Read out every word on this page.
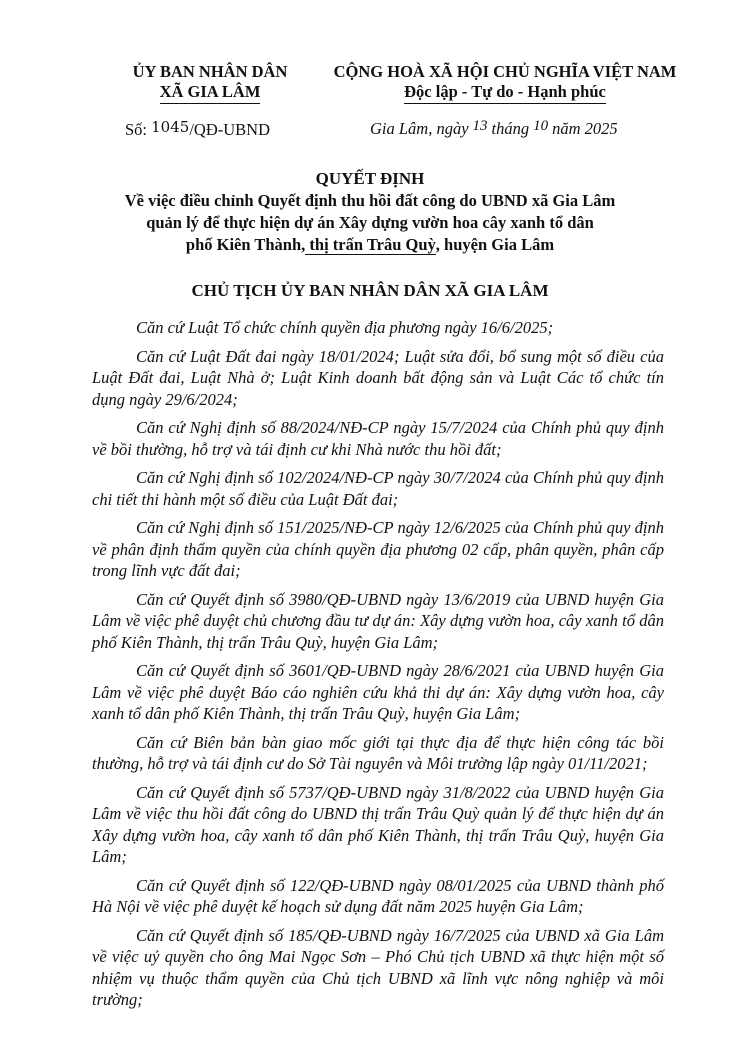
ỦY BAN NHÂN DÂN
XÃ GIA LÂM
CỘNG HOÀ XÃ HỘI CHỦ NGHĨA VIỆT NAM
Độc lập - Tự do - Hạnh phúc
Số: 1045/QĐ-UBND	Gia Lâm, ngày 13 tháng 10 năm 2025
QUYẾT ĐỊNH
Về việc điều chỉnh Quyết định thu hồi đất công do UBND xã Gia Lâm
quản lý để thực hiện dự án Xây dựng vườn hoa cây xanh tổ dân
phố Kiên Thành, thị trấn Trâu Quỳ, huyện Gia Lâm
CHỦ TỊCH ỦY BAN NHÂN DÂN XÃ GIA LÂM

Căn cứ Luật Tổ chức chính quyền địa phương ngày 16/6/2025;

Căn cứ Luật Đất đai ngày 18/01/2024; Luật sửa đổi, bổ sung một số điều của Luật Đất đai, Luật Nhà ở; Luật Kinh doanh bất động sản và Luật Các tổ chức tín dụng ngày 29/6/2024;

Căn cứ Nghị định số 88/2024/NĐ-CP ngày 15/7/2024 của Chính phủ quy định về bồi thường, hỗ trợ và tái định cư khi Nhà nước thu hồi đất;

Căn cứ Nghị định số 102/2024/NĐ-CP ngày 30/7/2024 của Chính phủ quy định chi tiết thi hành một số điều của Luật Đất đai;

Căn cứ Nghị định số 151/2025/NĐ-CP ngày 12/6/2025 của Chính phủ quy định về phân định thẩm quyền của chính quyền địa phương 02 cấp, phân quyền, phân cấp trong lĩnh vực đất đai;

Căn cứ Quyết định số 3980/QĐ-UBND ngày 13/6/2019 của UBND huyện Gia Lâm về việc phê duyệt chủ chương đầu tư dự án: Xây dựng vườn hoa, cây xanh tổ dân phố Kiên Thành, thị trấn Trâu Quỳ, huyện Gia Lâm;

Căn cứ Quyết định số 3601/QĐ-UBND ngày 28/6/2021 của UBND huyện Gia Lâm về việc phê duyệt Báo cáo nghiên cứu khả thi dự án: Xây dựng vườn hoa, cây xanh tổ dân phố Kiên Thành, thị trấn Trâu Quỳ, huyện Gia Lâm;

Căn cứ Biên bản bàn giao mốc giới tại thực địa để thực hiện công tác bồi thường, hỗ trợ và tái định cư do Sở Tài nguyên và Môi trường lập ngày 01/11/2021;

Căn cứ Quyết định số 5737/QĐ-UBND ngày 31/8/2022 của UBND huyện Gia Lâm về việc thu hồi đất công do UBND thị trấn Trâu Quỳ quản lý để thực hiện dự án Xây dựng vườn hoa, cây xanh tổ dân phố Kiên Thành, thị trấn Trâu Quỳ, huyện Gia Lâm;

Căn cứ Quyết định số 122/QĐ-UBND ngày 08/01/2025 của UBND thành phố Hà Nội về việc phê duyệt kế hoạch sử dụng đất năm 2025 huyện Gia Lâm;

Căn cứ Quyết định số 185/QĐ-UBND ngày 16/7/2025 của UBND xã Gia Lâm về việc uỷ quyền cho ông Mai Ngọc Sơn – Phó Chủ tịch UBND xã thực hiện một số nhiệm vụ thuộc thẩm quyền của Chủ tịch UBND xã lĩnh vực nông nghiệp và môi trường;
